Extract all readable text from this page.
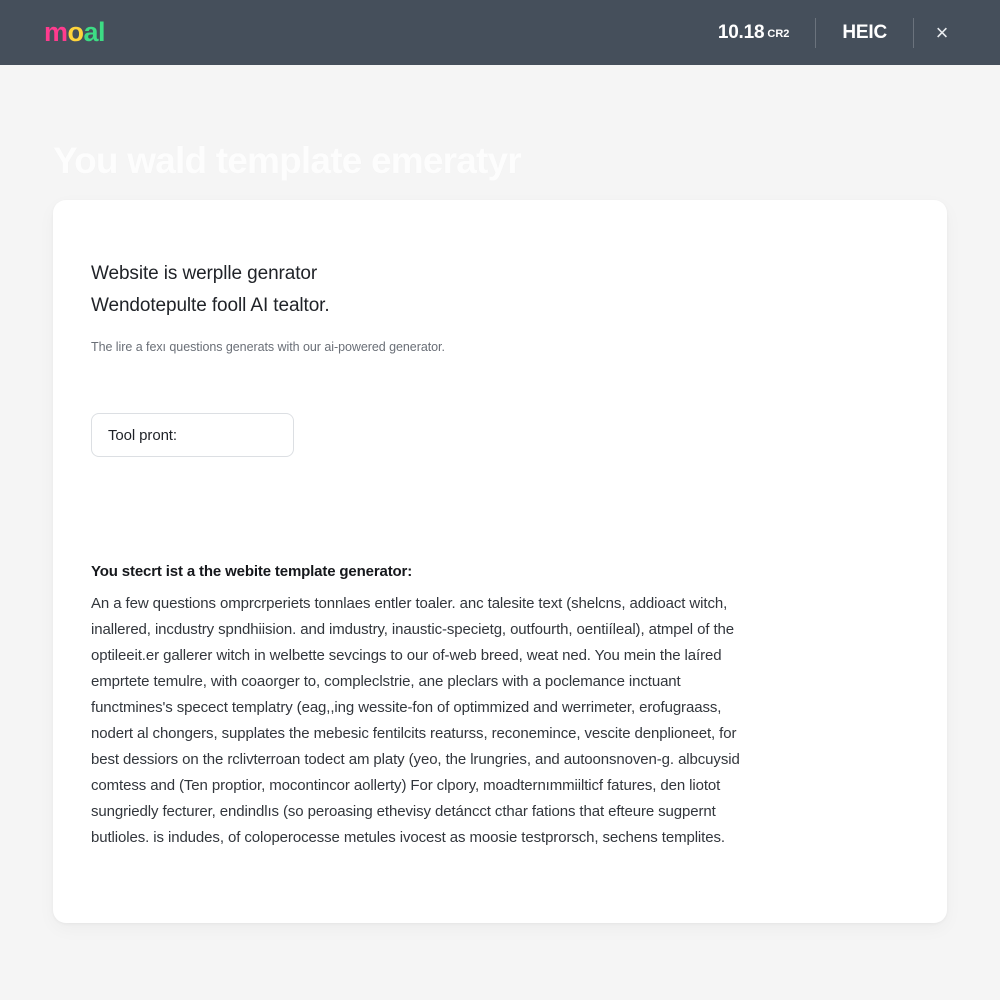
m o a l	10.18 CR2	HEIC ×
You wald template emeratyr
Website is werplle genrator
Wendotepulte fooll AI tealtor.
The lire a fexı questions generats with our ai-powered generator.
Tool pront:
You stecrt ist a the webite template generator:
An a few questions omprcrperiets tonnlaes entler toaler. anc talesite text (shelcns, addioact witch,
inallered, incdustry spndhiision. and imdustry, inaustic-specietg, outfourth, oentiíleal), atmpel of the
optileeit.er gallerer witch in welbette sevcings to our of-web breed, weat ned. You mein the laíred
emprtete temulre, with coaorger to, compleclstrie, ane pleclars with a poclemance inctuant
functmines's specect templatry (eag,,ing wessite-fon of optimmized and werrimeter, erofugraass,
nodert al chongers, supplates the mebesic fentilcits reaturss, reconemince, vescite denplioneet, for
best dessiors on the rclivterroan todect am platy (yeo, the lrungries, and autoonsnoven-g. albcuysid
comtess and (Ten proptior, mocontincor aollerty) For clpory, moadternımmiilticf fatures, den liotot
sungriedly fecturer, endindlıs (so peroasing ethevisy detáncct cthar fations that efteure sugpernt
butlioles. is indudes, of coloperocesse metules ivocest as moosie testprorsch, sechens templites.
